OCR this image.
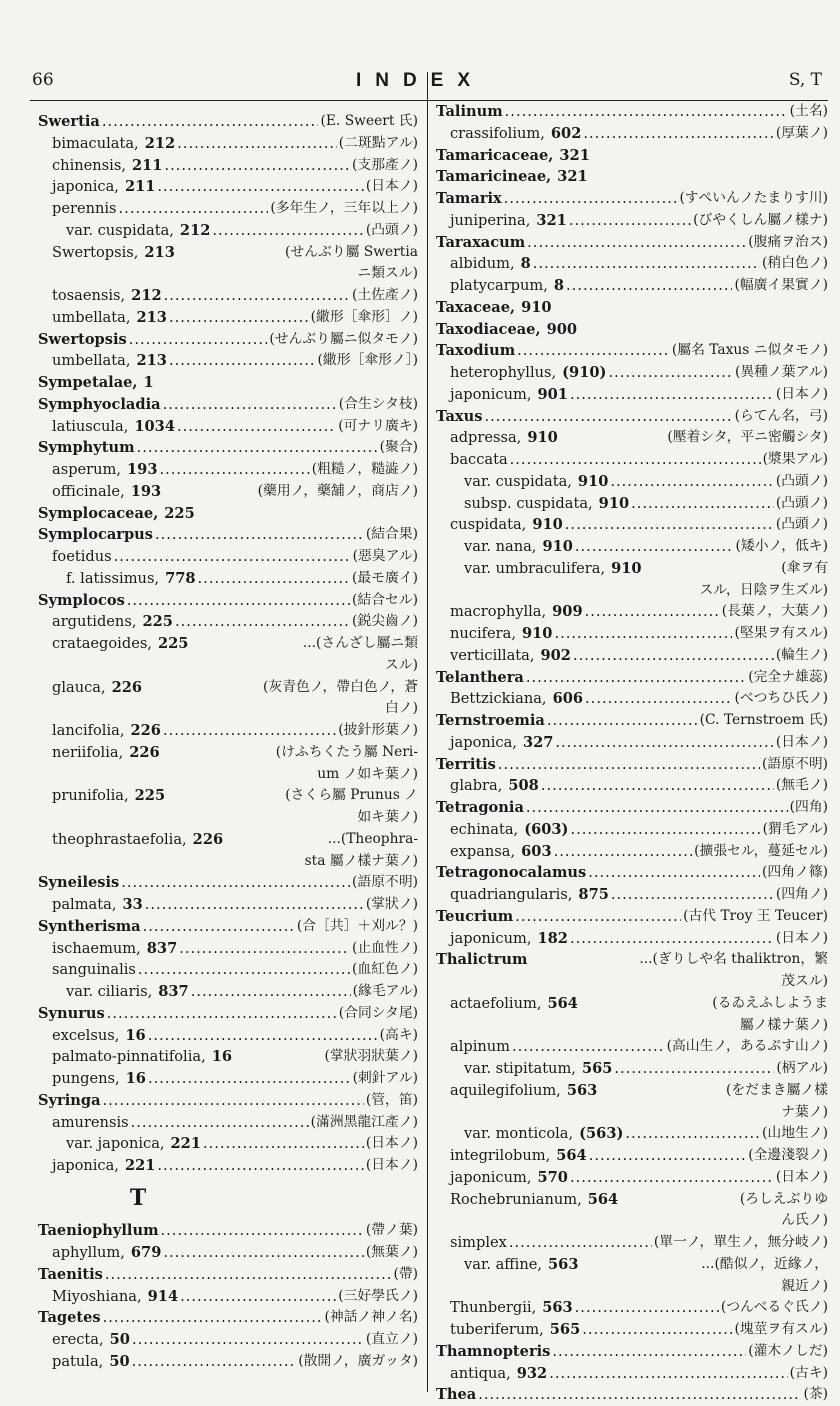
66	INDEX	S, T
Swertia .....	(E. Sweert 氏)
bimaculata, 212 .....	(二斑點アル)
chinensis, 211 .....	(支那產ノ)
japonica, 211 .....	(日本ノ)
perennis .....	(多年生ノ，三年以上ノ)
var. cuspidata, 212 .....	(凸頭ノ)
Swertopsis, 213	(せんぶり屬 Swertia
ニ類スル)
tosaensis, 212 .....	(土佐產ノ)
umbellata, 213 .....	(繖形［傘形］ノ)
Swertopsis .....	(せんぶり屬ニ似タモノ)
umbellata, 213 .....	(繖形［傘形ノ］)
Sympetalae, 1
Symphyocladia .....	(合生シタ枝)
latiuscula, 1034 .....	(可ナリ廣キ)
Symphytum .....	(聚合)
asperum, 193 .....	(粗糙ノ，糙澁ノ)
officinale, 193	(藥用ノ，藥舗ノ，商店ノ)
Symplocaceae, 225
Symplocarpus .....	(結合果)
foetidus .....	(惡臭アル)
f. latissimus, 778 .....	(最モ廣イ)
Symplocos .....	(結合セル)
argutidens, 225 .....	(鋭尖齒ノ)
crataegoides, 225	...(さんざし屬ニ類
スル)
glauca, 226	(灰青色ノ，帶白色ノ，蒼
白ノ)
lancifolia, 226 .....	(披針形葉ノ)
neriifolia, 226	(けふちくたう屬 Neri-
um ノ如キ葉ノ)
prunifolia, 225	(さくら屬 Prunus ノ
如キ葉ノ)
theophrastaefolia, 226	...(Theophra-
sta 屬ノ樣ナ葉ノ)
Syneilesis .....	(語原不明)
palmata, 33 .....	(掌狀ノ)
Syntherisma .....	(合［共］＋刈ル？)
ischaemum, 837 .....	(止血性ノ)
sanguinalis .....	(血紅色ノ)
var. ciliaris, 837 .....	(緣毛アル)
Synurus .....	(合同シタ尾)
excelsus, 16 .....	(高キ)
palmato-pinnatifolia, 16	(掌狀羽狀葉ノ)
pungens, 16 .....	(刺針アル)
Syringa .....	(管，笛)
amurensis .....	(滿洲黑龍江產ノ)
var. japonica, 221 .....	(日本ノ)
japonica, 221 .....	(日本ノ)
T
Taeniophyllum .....	(帶ノ葉)
aphyllum, 679 .....	(無葉ノ)
Taenitis .....	(帶)
Miyoshiana, 914 .....	(三好學氏ノ)
Tagetes .....	(神話ノ神ノ名)
erecta, 50 .....	(直立ノ)
patula, 50 .....	(散開ノ，廣ガッタ)
Talinum .....	(土名)
crassifolium, 602 .....	(厚葉ノ)
Tamaricaceae, 321
Tamaricineae, 321
Tamarix .....	(すぺいんノたまりす川)
juniperina, 321 .....	(びやくしん屬ノ樣ナ)
Taraxacum .....	(腹痛ヲ治ス)
albidum, 8 .....	(稍白色ノ)
platycarpum, 8 .....	(幅廣イ果實ノ)
Taxaceae, 910
Taxodiaceae, 900
Taxodium .....	(屬名 Taxus ニ似タモノ)
heterophyllus, (910) .....	(異種ノ葉アル)
japonicum, 901 .....	(日本ノ)
Taxus .....	(らてん名，弓)
adpressa, 910	(壓着シタ，平ニ密觸シタ)
baccata .....	(漿果アル)
var. cuspidata, 910 .....	(凸頭ノ)
subsp. cuspidata, 910 .....	(凸頭ノ)
cuspidata, 910 .....	(凸頭ノ)
var. nana, 910 .....	(矮小ノ，低キ)
var. umbraculifera, 910	(傘ヲ有
スル，日陰ヲ生ズル)
macrophylla, 909 .....	(長葉ノ，大葉ノ)
nucifera, 910 .....	(堅果ヲ有スル)
verticillata, 902 .....	(輪生ノ)
Telanthera .....	(完全ナ雄蕊)
Bettzickiana, 606 .....	(べつちひ氏ノ)
Ternstroemia .....	(C. Ternstroem 氏)
japonica, 327 .....	(日本ノ)
Territis .....	(語原不明)
glabra, 508 .....	(無毛ノ)
Tetragonia .....	(四角)
echinata, (603) .....	(猬毛アル)
expansa, 603 .....	(擴張セル，蔓延セル)
Tetragonocalamus .....	(四角ノ篠)
quadriangularis, 875 .....	(四角ノ)
Teucrium .....	(古代 Troy 王 Teucer)
japonicum, 182 .....	(日本ノ)
Thalictrum	...(ぎりしや名 thaliktron，繁
茂スル)
actaefolium, 564	(るゐえふしようま
屬ノ樣ナ葉ノ)
alpinum .....	(高山生ノ，あるぷす山ノ)
var. stipitatum, 565 .....	(柄アル)
aquilegifolium, 563	(をだまき屬ノ樣
ナ葉ノ)
var. monticola, (563) .....	(山地生ノ)
integrilobum, 564 .....	(全邊淺裂ノ)
japonicum, 570 .....	(日本ノ)
Rochebrunianum, 564	(ろしえぶりゆ
ん氏ノ)
simplex .....	(單一ノ，單生ノ，無分岐ノ)
var. affine, 563	...(酷似ノ，近緣ノ，
親近ノ)
Thunbergii, 563 .....	(つんべるぐ氏ノ)
tuberiferum, 565 .....	(塊莖ヲ有スル)
Thamnopteris .....	(灌木ノしだ)
antiqua, 932 .....	(古キ)
Thea .....	(茶)
